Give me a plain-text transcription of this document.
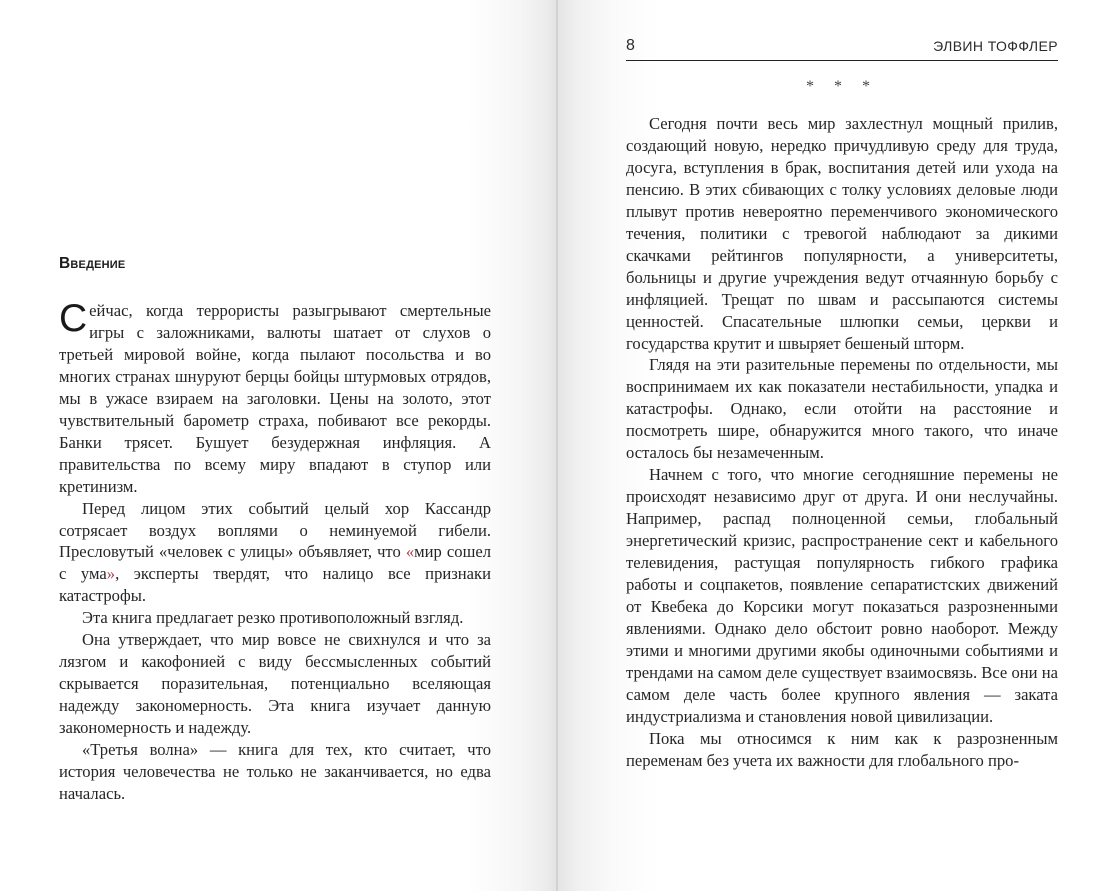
Введение

Сейчас, когда террористы разыгрывают смертельные игры с заложниками, валюты шатает от слухов о третьей мировой войне, когда пылают посольства и во многих странах шнуруют берцы бойцы штурмовых отрядов, мы в ужасе взираем на заголовки. Цены на золото, этот чувствительный барометр страха, побивают все рекорды. Банки трясет. Бушует безудержная инфляция. А правительства по всему миру впадают в ступор или кретинизм.

Перед лицом этих событий целый хор Кассандр сотрясает воздух воплями о неминуемой гибели. Пресловутый «человек с улицы» объявляет, что «мир сошел с ума», эксперты твердят, что налицо все признаки катастрофы.

Эта книга предлагает резко противоположный взгляд.

Она утверждает, что мир вовсе не свихнулся и что за лязгом и какофонией с виду бессмысленных событий скрывается поразительная, потенциально вселяющая надежду закономерность. Эта книга изучает данную закономерность и надежду.

«Третья волна» — книга для тех, кто считает, что история человечества не только не заканчивается, но едва началась.

8	ЭЛВИН ТОФФЛЕР
* * *

Сегодня почти весь мир захлестнул мощный прилив, создающий новую, нередко причудливую среду для труда, досуга, вступления в брак, воспитания детей или ухода на пенсию. В этих сбивающих с толку условиях деловые люди плывут против невероятно переменчивого экономического течения, политики с тревогой наблюдают за дикими скачками рейтингов популярности, а университеты, больницы и другие учреждения ведут отчаянную борьбу с инфляцией. Трещат по швам и рассыпаются системы ценностей. Спасательные шлюпки семьи, церкви и государства крутит и швыряет бешеный шторм.

Глядя на эти разительные перемены по отдельности, мы воспринимаем их как показатели нестабильности, упадка и катастрофы. Однако, если отойти на расстояние и посмотреть шире, обнаружится много такого, что иначе осталось бы незамеченным.

Начнем с того, что многие сегодняшние перемены не происходят независимо друг от друга. И они неслучайны. Например, распад полноценной семьи, глобальный энергетический кризис, распространение сект и кабельного телевидения, растущая популярность гибкого графика работы и соцпакетов, появление сепаратистских движений от Квебека до Корсики могут показаться разрозненными явлениями. Однако дело обстоит ровно наоборот. Между этими и многими другими якобы одиночными событиями и трендами на самом деле существует взаимосвязь. Все они на самом деле часть более крупного явления — заката индустриализма и становления новой цивилизации.

Пока мы относимся к ним как к разрозненным переменам без учета их важности для глобального про-
